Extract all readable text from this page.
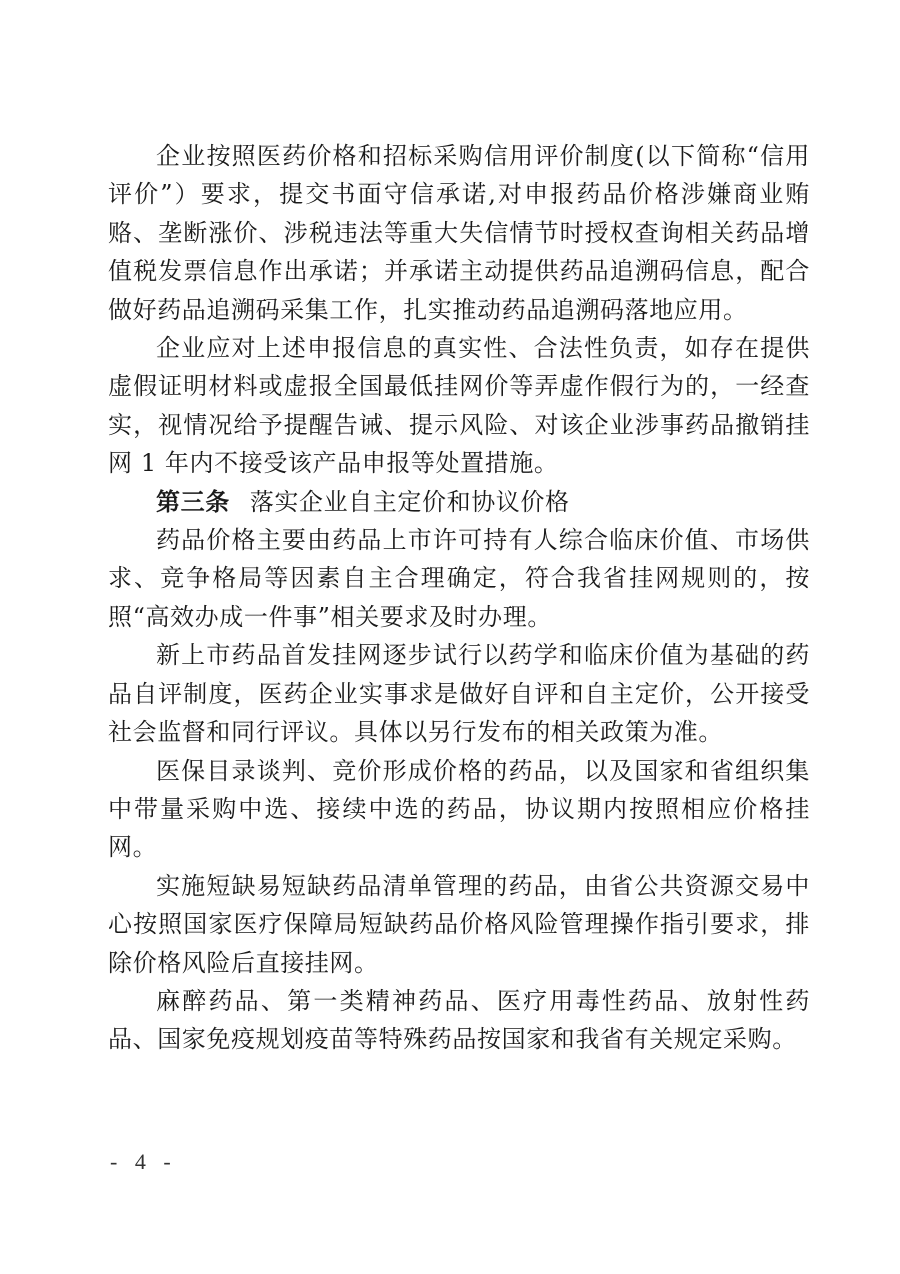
企业按照医药价格和招标采购信用评价制度(以下简称“信用评价”）要求，提交书面守信承诺,对申报药品价格涉嫌商业贿赂、垄断涨价、涉税违法等重大失信情节时授权查询相关药品增值税发票信息作出承诺；并承诺主动提供药品追溯码信息，配合做好药品追溯码采集工作，扎实推动药品追溯码落地应用。

企业应对上述申报信息的真实性、合法性负责，如存在提供虚假证明材料或虚报全国最低挂网价等弄虚作假行为的，一经查实，视情况给予提醒告诫、提示风险、对该企业涉事药品撤销挂网 1 年内不接受该产品申报等处置措施。

第三条 落实企业自主定价和协议价格

药品价格主要由药品上市许可持有人综合临床价值、市场供求、竞争格局等因素自主合理确定，符合我省挂网规则的，按照“高效办成一件事”相关要求及时办理。

新上市药品首发挂网逐步试行以药学和临床价值为基础的药品自评制度，医药企业实事求是做好自评和自主定价，公开接受社会监督和同行评议。具体以另行发布的相关政策为准。

医保目录谈判、竞价形成价格的药品，以及国家和省组织集中带量采购中选、接续中选的药品，协议期内按照相应价格挂网。

实施短缺易短缺药品清单管理的药品，由省公共资源交易中心按照国家医疗保障局短缺药品价格风险管理操作指引要求，排除价格风险后直接挂网。

麻醉药品、第一类精神药品、医疗用毒性药品、放射性药品、国家免疫规划疫苗等特殊药品按国家和我省有关规定采购。

- 4 -
